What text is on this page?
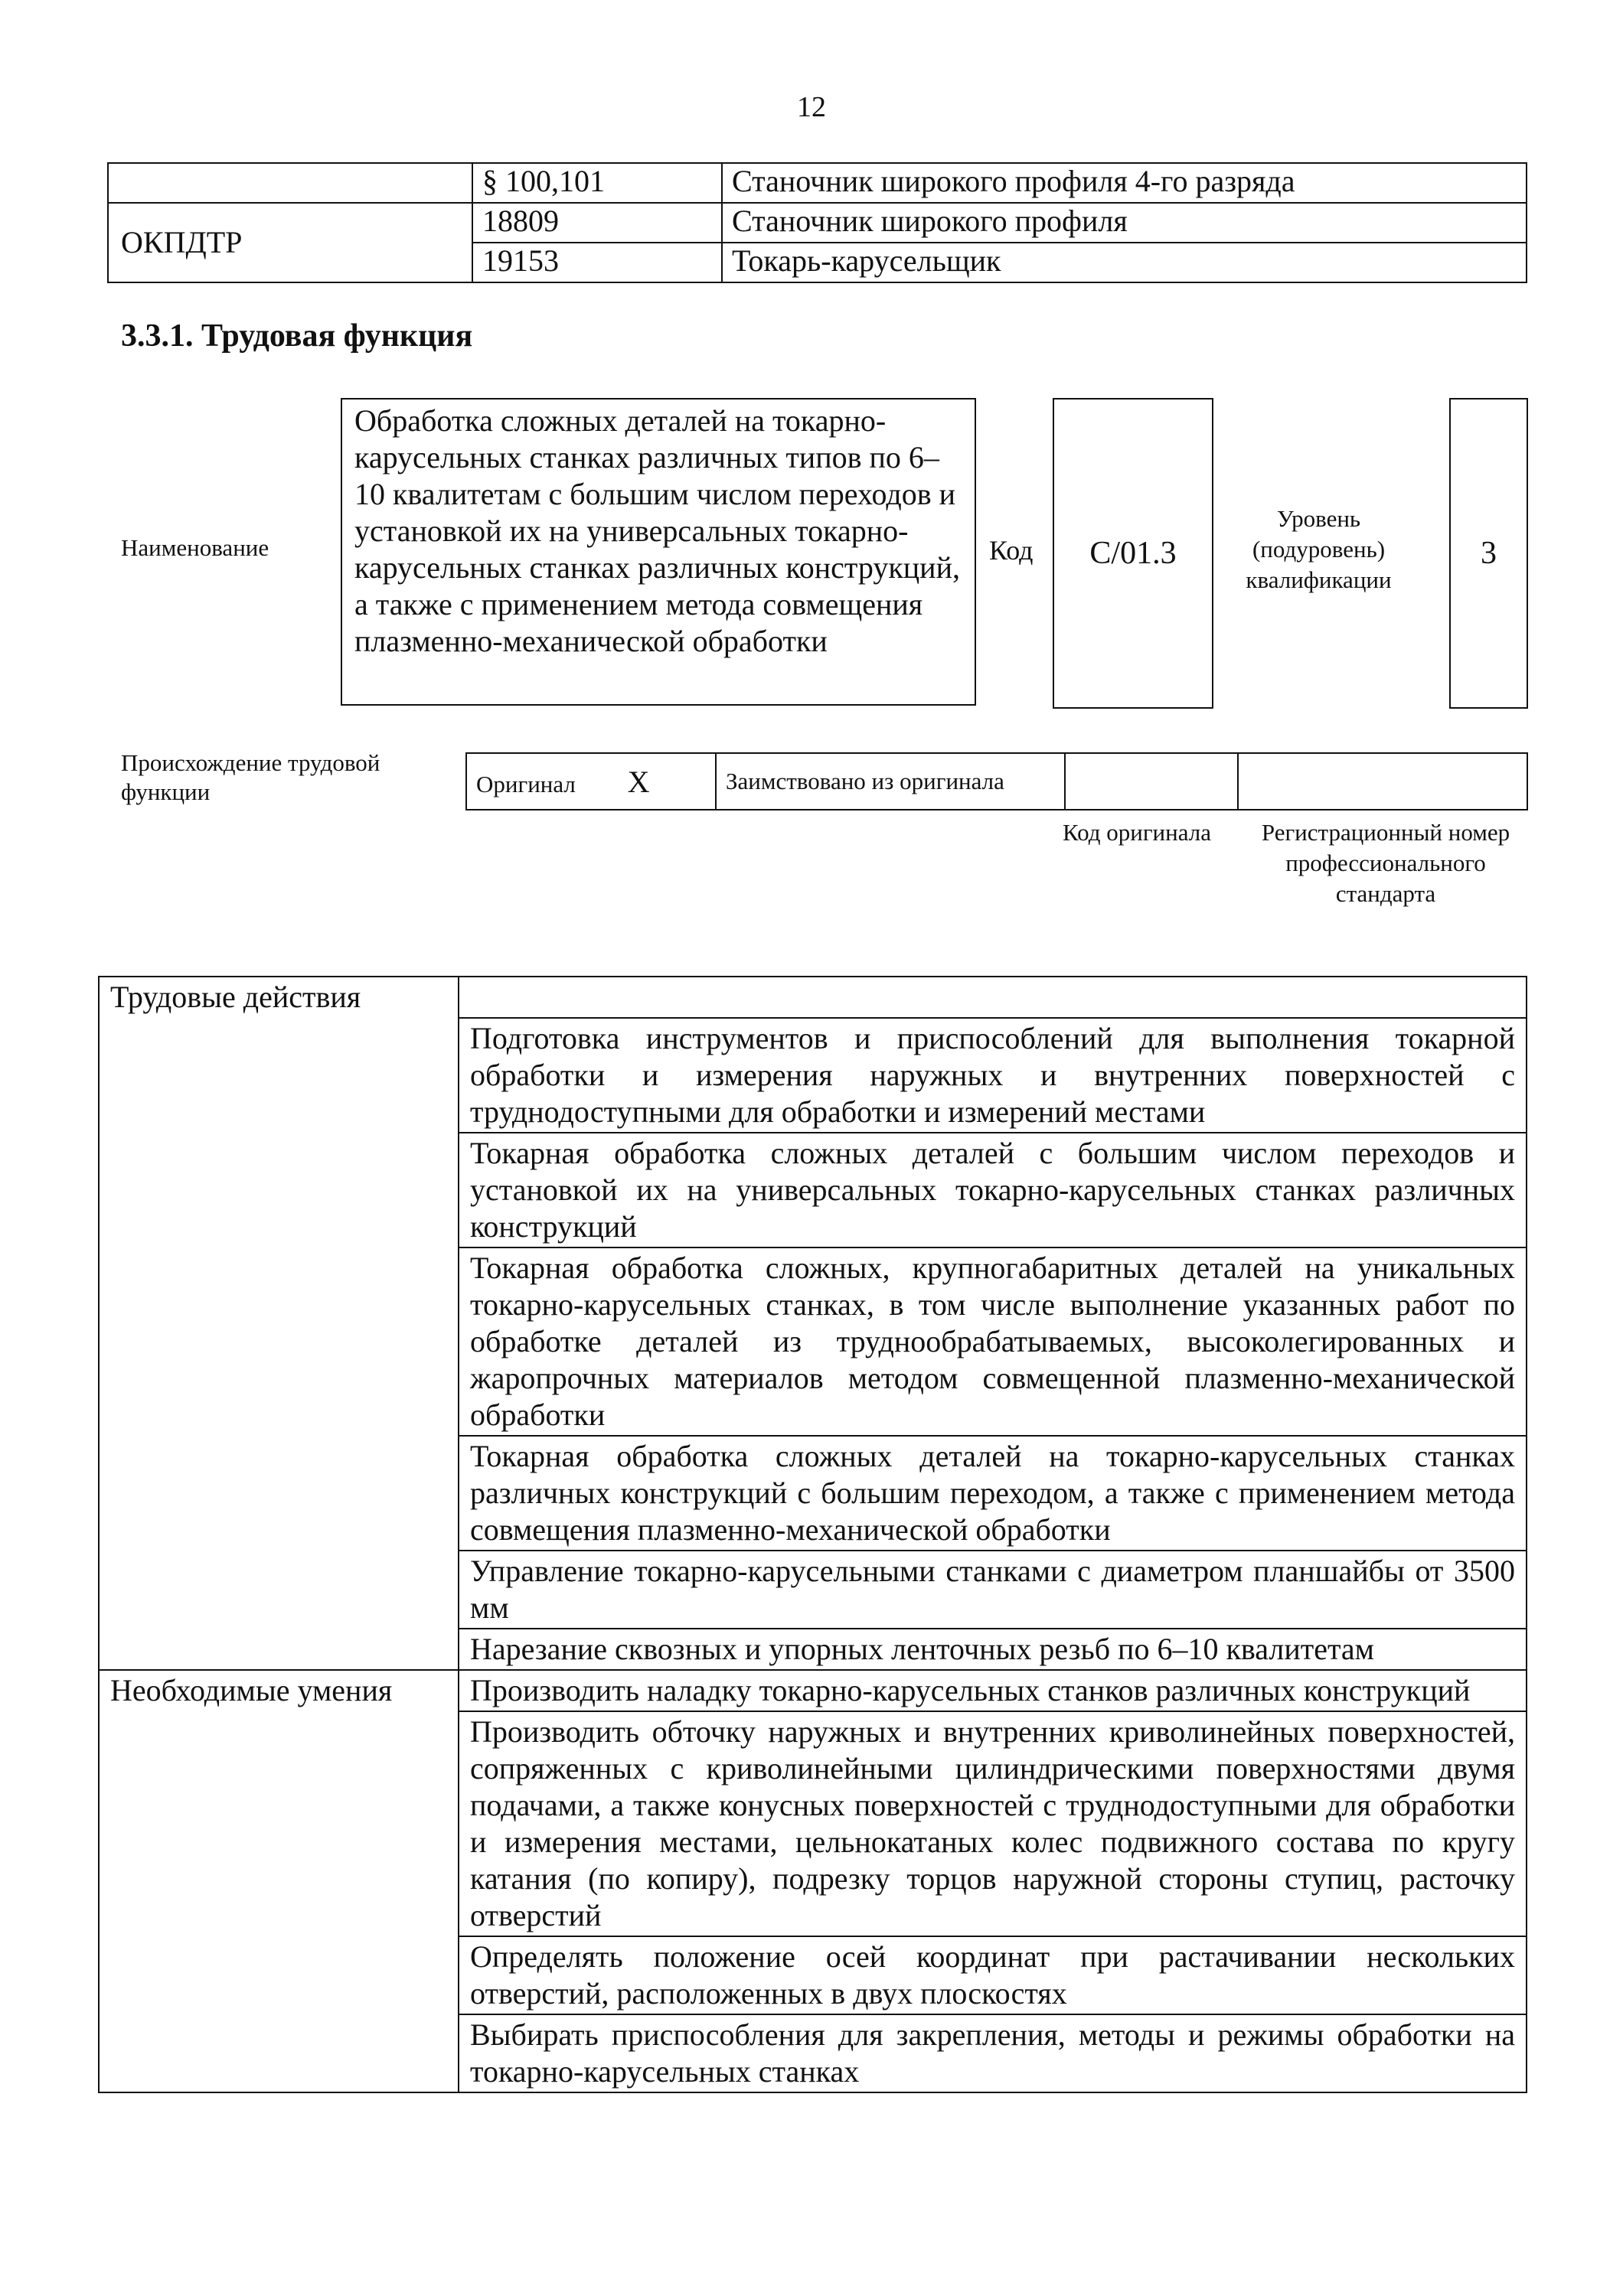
12
	§ 100,101	Станочник широкого профиля 4-го разряда
ОКПДТР	18809	Станочник широкого профиля
	19153	Токарь-карусельщик
3.3.1. Трудовая функция
Наименование
Обработка сложных деталей на токарно-карусельных станках различных типов по 6–10 квалитетам с большим числом переходов и установкой их на универсальных токарно-карусельных станках различных конструкций, а также с применением метода совмещения плазменно-механической обработки
Код	C/01.3
Уровень (подуровень) квалификации
3
Происхождение трудовой функции	Оригинал X	Заимствовано из оригинала		
Код оригинала	Регистрационный номер профессионального стандарта
Трудовые действия	
	Подготовка инструментов и приспособлений для выполнения токарной обработки и измерения наружных и внутренних поверхностей с труднодоступными для обработки и измерений местами
	Токарная обработка сложных деталей с большим числом переходов и установкой их на универсальных токарно-карусельных станках различных конструкций
	Токарная обработка сложных, крупногабаритных деталей на уникальных токарно-карусельных станках, в том числе выполнение указанных работ по обработке деталей из труднообрабатываемых, высоколегированных и жаропрочных материалов методом совмещенной плазменно-механической обработки
	Токарная обработка сложных деталей на токарно-карусельных станках различных конструкций с большим переходом, а также с применением метода совмещения плазменно-механической обработки
	Управление токарно-карусельными станками с диаметром планшайбы от 3500 мм
	Нарезание сквозных и упорных ленточных резьб по 6–10 квалитетам
Необходимые умения	Производить наладку токарно-карусельных станков различных конструкций
	Производить обточку наружных и внутренних криволинейных поверхностей, сопряженных с криволинейными цилиндрическими поверхностями двумя подачами, а также конусных поверхностей с труднодоступными для обработки и измерения местами, цельнокатаных колес подвижного состава по кругу катания (по копиру), подрезку торцов наружной стороны ступиц, расточку отверстий
	Определять положение осей координат при растачивании нескольких отверстий, расположенных в двух плоскостях
	Выбирать приспособления для закрепления, методы и режимы обработки на токарно-карусельных станках
